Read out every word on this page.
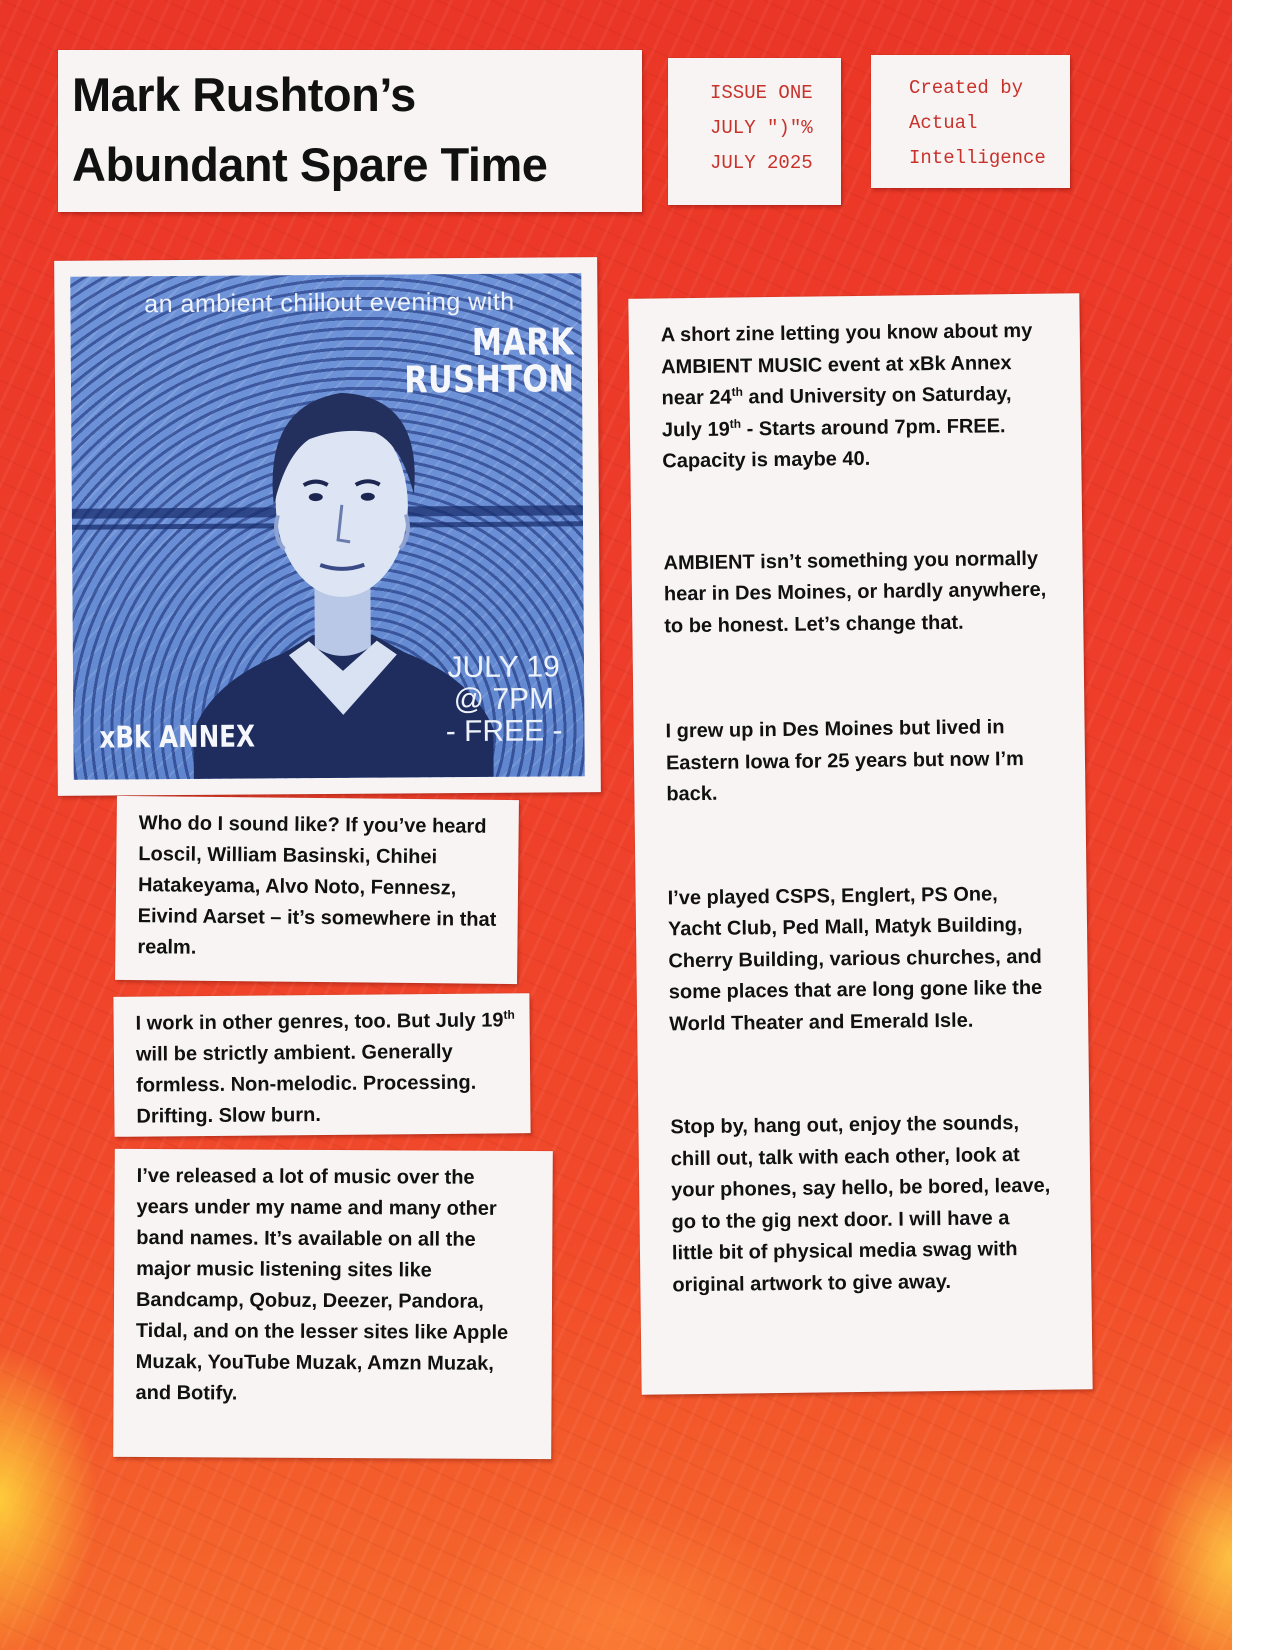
Mark Rushton’s
Abundant Spare Time
ISSUE ONE
JULY ")"%
JULY 2025
Created by
Actual
Intelligence
an ambient chillout evening with
MARK
RUSHTON
JULY 19
@ 7PM
- FREE -
xBk ANNEX
Who do I sound like? If you’ve heard Loscil, William Basinski, Chihei Hatakeyama, Alvo Noto, Fennesz, Eivind Aarset – it’s somewhere in that realm.
I work in other genres, too. But July 19th will be strictly ambient. Generally formless. Non-melodic. Processing. Drifting. Slow burn.
I’ve released a lot of music over the years under my name and many other band names. It’s available on all the major music listening sites like Bandcamp, Qobuz, Deezer, Pandora, Tidal, and on the lesser sites like Apple Muzak, YouTube Muzak, Amzn Muzak, and Botify.

A short zine letting you know about my AMBIENT MUSIC event at xBk Annex near 24th and University on Saturday, July 19th - Starts around 7pm. FREE. Capacity is maybe 40.

AMBIENT isn’t something you normally hear in Des Moines, or hardly anywhere, to be honest. Let’s change that.

I grew up in Des Moines but lived in Eastern Iowa for 25 years but now I’m back.

I’ve played CSPS, Englert, PS One, Yacht Club, Ped Mall, Matyk Building, Cherry Building, various churches, and some places that are long gone like the World Theater and Emerald Isle.

Stop by, hang out, enjoy the sounds, chill out, talk with each other, look at your phones, say hello, be bored, leave, go to the gig next door. I will have a little bit of physical media swag with original artwork to give away.
